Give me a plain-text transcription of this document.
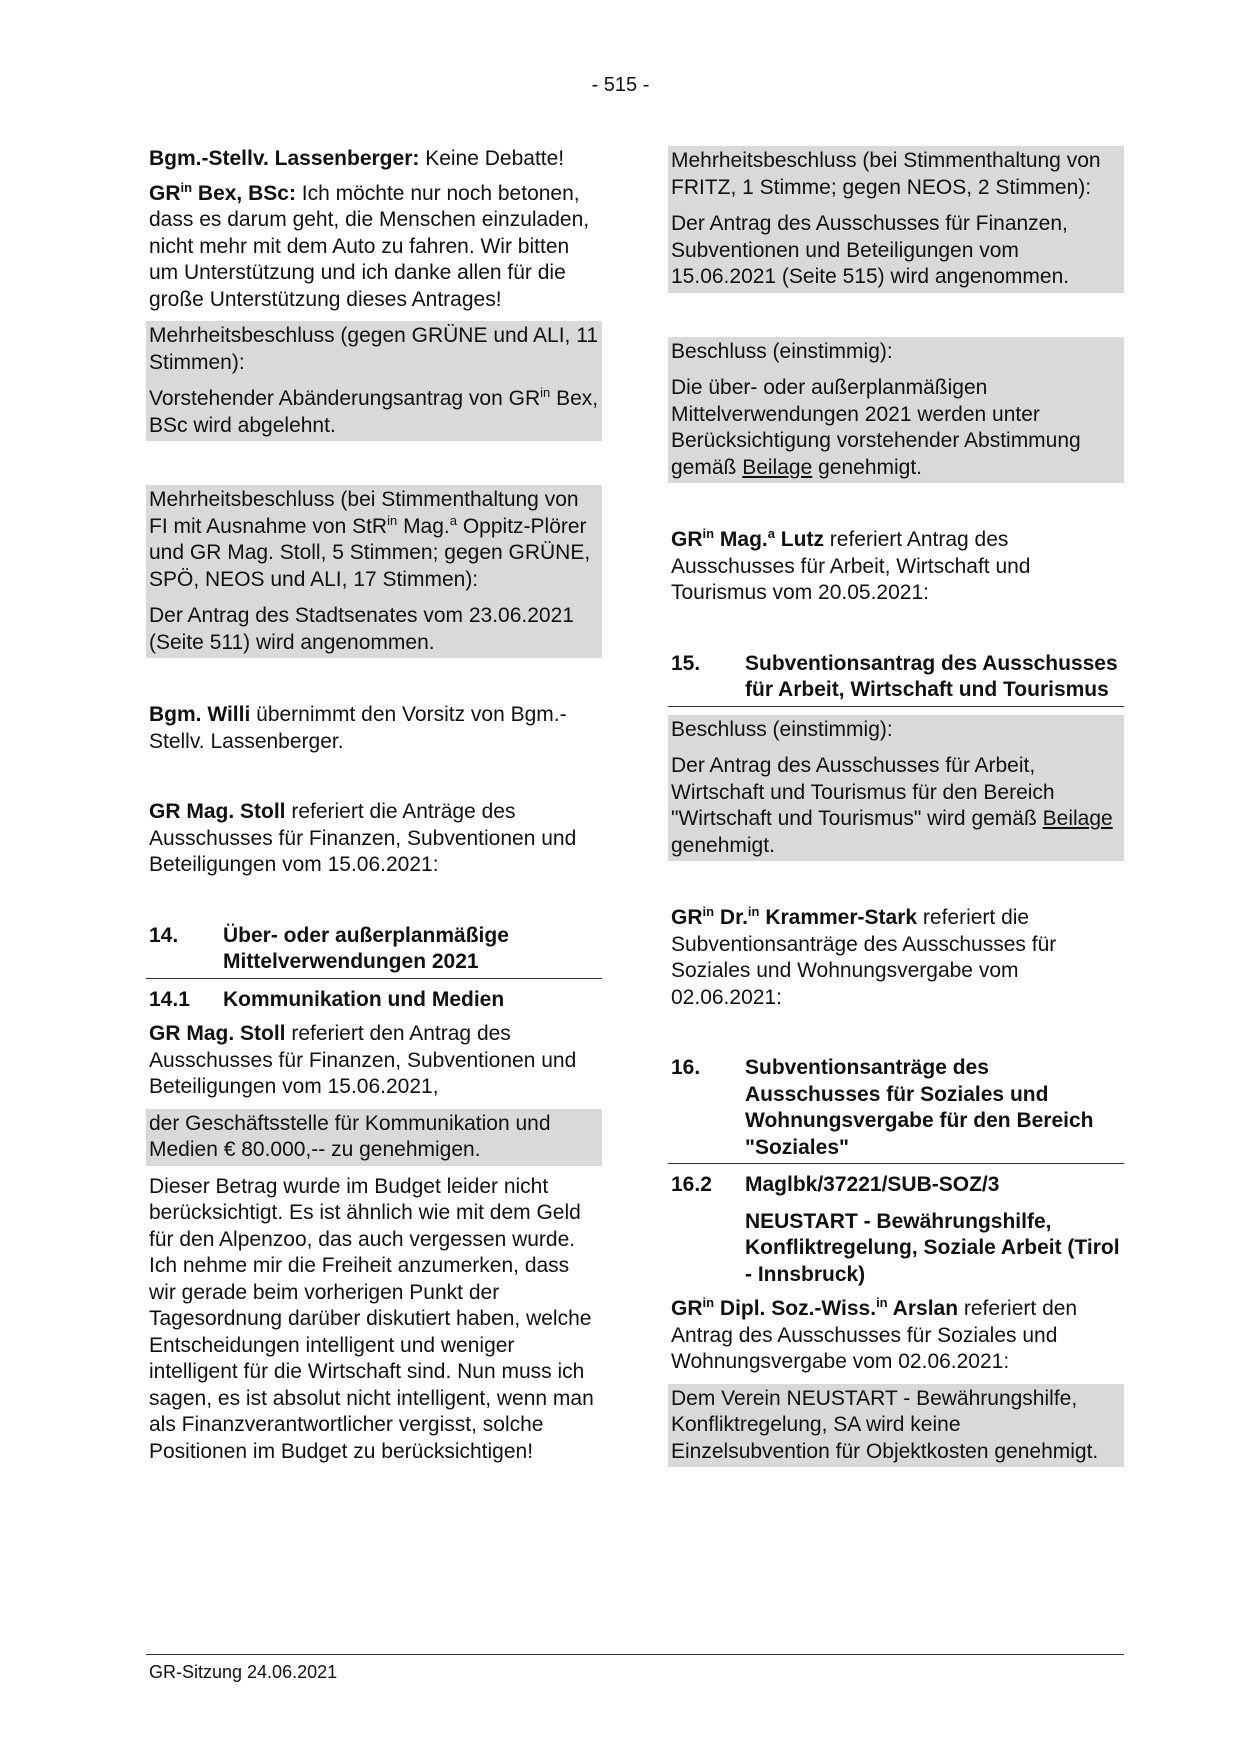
- 515 -

Bgm.-Stellv. Lassenberger: Keine Debatte!

$GR^{in}$ Bex, BSc: Ich möchte nur noch betonen, dass es darum geht, die Menschen einzuladen, nicht mehr mit dem Auto zu fahren. Wir bitten um Unterstützung und ich danke allen für die große Unterstützung dieses Antrages!

Mehrheitsbeschluss (gegen GRÜNE und ALI, 11 Stimmen):

Vorstehender Abänderungsantrag von $GR^{in}$ Bex, BSc wird abgelehnt.

Mehrheitsbeschluss (bei Stimmenthaltung von FI mit Ausnahme von StR$^{in}$ Mag.$^a$ Oppitz-Plörer und GR Mag. Stoll, 5 Stimmen; gegen GRÜNE, SPÖ, NEOS und ALI, 17 Stimmen):

Der Antrag des Stadtsenates vom 23.06.2021 (Seite 511) wird angenommen.

Bgm. Willi übernimmt den Vorsitz von Bgm.-Stellv. Lassenberger.

GR Mag. Stoll referiert die Anträge des Ausschusses für Finanzen, Subventionen und Beteiligungen vom 15.06.2021:

14.	Über- oder außerplanmäßige Mittelverwendungen 2021
14.1	Kommunikation und Medien

GR Mag. Stoll referiert den Antrag des Ausschusses für Finanzen, Subventionen und Beteiligungen vom 15.06.2021,

der Geschäftsstelle für Kommunikation und Medien € 80.000,-- zu genehmigen.

Dieser Betrag wurde im Budget leider nicht berücksichtigt. Es ist ähnlich wie mit dem Geld für den Alpenzoo, das auch vergessen wurde. Ich nehme mir die Freiheit anzumerken, dass wir gerade beim vorherigen Punkt der Tagesordnung darüber diskutiert haben, welche Entscheidungen intelligent und weniger intelligent für die Wirtschaft sind. Nun muss ich sagen, es ist absolut nicht intelligent, wenn man als Finanzverantwortlicher vergisst, solche Positionen im Budget zu berücksichtigen!

Mehrheitsbeschluss (bei Stimmenthaltung von FRITZ, 1 Stimme; gegen NEOS, 2 Stimmen):

Der Antrag des Ausschusses für Finanzen, Subventionen und Beteiligungen vom 15.06.2021 (Seite 515) wird angenommen.

Beschluss (einstimmig):

Die über- oder außerplanmäßigen Mittelverwendungen 2021 werden unter Berücksichtigung vorstehender Abstimmung gemäß Beilage genehmigt.

$GR^{in}$ Mag.$^a$ Lutz referiert Antrag des Ausschusses für Arbeit, Wirtschaft und Tourismus vom 20.05.2021:

15.	Subventionsantrag des Ausschusses für Arbeit, Wirtschaft und Tourismus

Beschluss (einstimmig):

Der Antrag des Ausschusses für Arbeit, Wirtschaft und Tourismus für den Bereich "Wirtschaft und Tourismus" wird gemäß Beilage genehmigt.

$GR^{in}$ Dr.$^{in}$ Krammer-Stark referiert die Subventionsanträge des Ausschusses für Soziales und Wohnungsvergabe vom 02.06.2021:

16.	Subventionsanträge des Ausschusses für Soziales und Wohnungsvergabe für den Bereich "Soziales"
16.2	Maglbk/37221/SUB-SOZ/3
NEUSTART - Bewährungshilfe, Konfliktregelung, Soziale Arbeit (Tirol - Innsbruck)

$GR^{in}$ Dipl. Soz.-Wiss.$^{in}$ Arslan referiert den Antrag des Ausschusses für Soziales und Wohnungsvergabe vom 02.06.2021:

Dem Verein NEUSTART - Bewährungshilfe, Konfliktregelung, SA wird keine Einzelsubvention für Objektkosten genehmigt.

GR-Sitzung 24.06.2021
